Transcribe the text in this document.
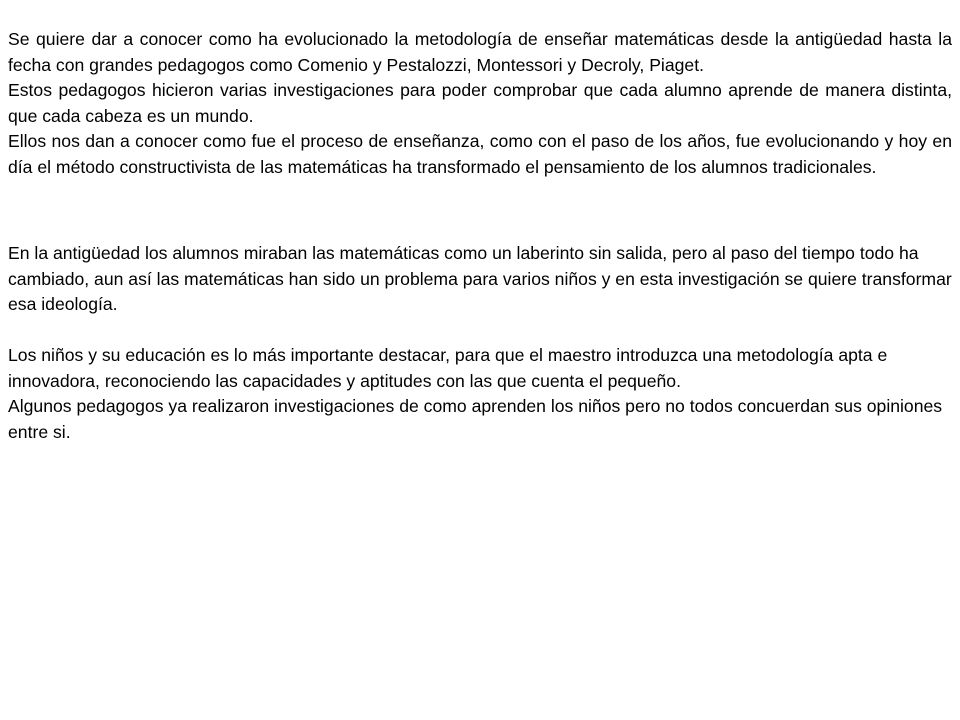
Se quiere dar a conocer como ha evolucionado la metodología de enseñar matemáticas desde la antigüedad hasta la fecha con grandes pedagogos como Comenio y Pestalozzi, Montessori y Decroly, Piaget.

Estos pedagogos hicieron varias investigaciones para poder comprobar que cada alumno aprende de manera distinta, que cada cabeza es un mundo.

Ellos nos dan a conocer como fue el proceso de enseñanza, como con el paso de los años, fue evolucionando y hoy en día el método constructivista de las matemáticas ha transformado el pensamiento de los alumnos tradicionales.

En la antigüedad los alumnos miraban las matemáticas como un laberinto sin salida, pero al paso del tiempo todo ha cambiado, aun así las matemáticas han sido un problema para varios niños y en esta investigación se quiere transformar esa ideología.

Los niños y su educación es lo más importante destacar, para que el maestro introduzca una metodología apta e innovadora, reconociendo las capacidades y aptitudes con las que cuenta el pequeño.

Algunos pedagogos ya realizaron investigaciones de como aprenden los niños pero no todos concuerdan sus opiniones entre si.
